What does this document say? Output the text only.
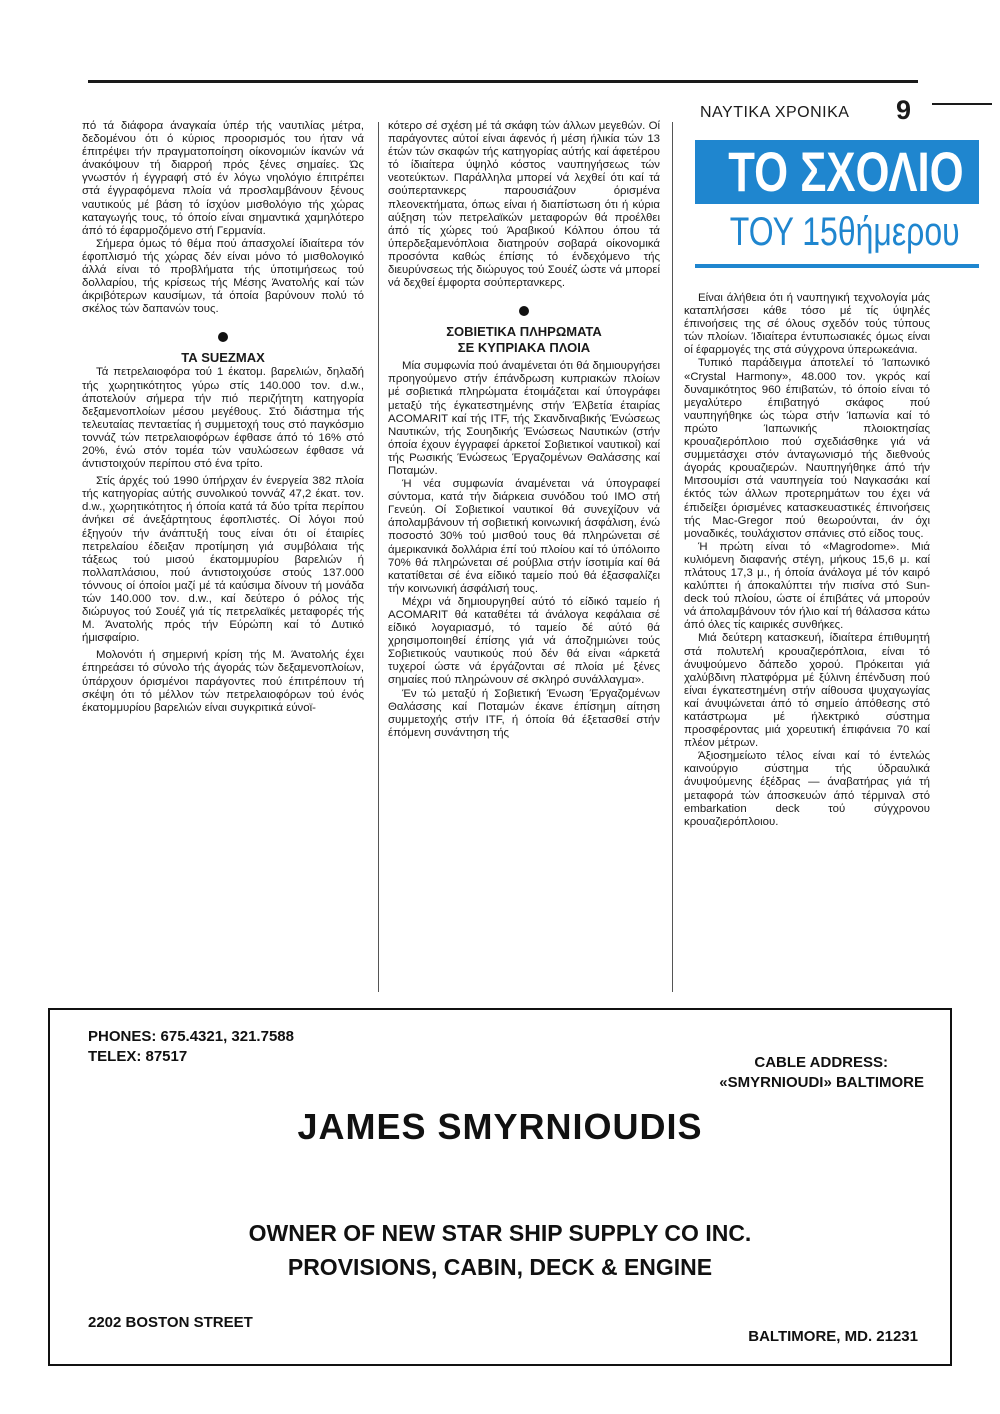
ΝΑΥΤΙΚΑ ΧΡΟΝΙΚΑ 9
ΤΟ ΣΧΟΛΙΟ
ΤΟΥ 15θήμερου

πό τά διάφορα άναγκαία ύπέρ τής ναυτιλίας μέτρα, δεδομένου ότι ό κύριος προορισμός του ήταν νά έπιτρέψει τήν πραγματοποίηση οίκονομιών ίκανών νά άνακόψουν τή διαρροή πρός ξένες σημαίες. Ώς γνωστόν ή έγγραφή στό έν λόγω νηολόγιο έπιτρέπει στά έγγραφόμενα πλοία νά προσλαμβάνουν ξένους ναυτικούς μέ βάση τό ίσχύον μισθολόγιο τής χώρας καταγωγής τους, τό όποίο είναι σημαντικά χαμηλότερο άπό τό έφαρμοζόμενο στή Γερμανία.

Σήμερα όμως τό θέμα πού άπασχολεί ίδιαίτερα τόν έφοπλισμό τής χώρας δέν είναι μόνο τό μισθολογικό άλλά είναι τό προβλήματα τής ύποτιμήσεως τού δολλαρίου, τής κρίσεως τής Μέσης Άνατολής καί τών άκριβότερων καυσίμων, τά όποία βαρύνουν πολύ τό σκέλος τών δαπανών τους.

ΤΑ SUEZMAX

Τά πετρελαιοφόρα τού 1 έκατομ. βαρελιών, δηλαδή τής χωρητικότητος γύρω στίς 140.000 τον. d.w., άποτελούν σήμερα τήν πιό περιζήτητη κατηγορία δεξαμενοπλοίων μέσου μεγέθους. Στό διάστημα τής τελευταίας πενταετίας ή συμμετοχή τους στό παγκόσμιο τοννάζ τών πετρελαιοφόρων έφθασε άπό τό 16% στό 20%, ένώ στόν τομέα τών ναυλώσεων έφθασε νά άντιστοιχούν περίπου στό ένα τρίτο.

Στίς άρχές τού 1990 ύπήρχαν έν ένεργεία 382 πλοία τής κατηγορίας αύτής συνολικού τοννάζ 47,2 έκατ. τον. d.w., χωρητικότητος ή όποία κατά τά δύο τρίτα περίπου άνήκει σέ άνεξάρτητους έφοπλιστές. Οί λόγοι πού έξηγούν τήν άνάπτυξή τους είναι ότι οί έταιρίες πετρελαίου έδειξαν προτίμηση γιά συμβόλαια τής τάξεως τού μισού έκατομμυρίου βαρελιών ή πολλαπλάσιου, πού άντιστοιχούσε στούς 137.000 τόννους οί όποίοι μαζί μέ τά καύσιμα δίνουν τή μονάδα τών 140.000 τον. d.w., καί δεύτερο ό ρόλος τής διώρυγος τού Σουέζ γιά τίς πετρελαϊκές μεταφορές τής Μ. Άνατολής πρός τήν Εύρώπη καί τό Δυτικό ήμισφαίριο.

Μολονότι ή σημερινή κρίση τής Μ. Άνατολής έχει έπηρεάσει τό σύνολο τής άγοράς τών δεξαμενοπλοίων, ύπάρχουν όρισμένοι παράγοντες πού έπιτρέπουν τή σκέψη ότι τό μέλλον τών πετρελαιοφόρων τού ένός έκατομμυρίου βαρελιών είναι συγκριτικά εύνοϊ-

κότερο σέ σχέση μέ τά σκάφη τών άλλων μεγεθών. Οί παράγοντες αύτοί είναι άφενός ή μέση ήλικία τών 13 έτών τών σκαφών τής κατηγορίας αύτής καί άφετέρου τό ίδιαίτερα ύψηλό κόστος ναυπηγήσεως τών νεοτεύκτων. Παράλληλα μπορεί νά λεχθεί ότι καί τά σούπερτανκερς παρουσιάζουν όρισμένα πλεονεκτήματα, όπως είναι ή διαπίστωση ότι ή κύρια αύξηση τών πετρελαϊκών μεταφορών θά προέλθει άπό τίς χώρες τού Άραβικού Κόλπου όπου τά ύπερδεξαμενόπλοια διατηρούν σοβαρά οίκονομικά προσόντα καθώς έπίσης τό ένδεχόμενο τής διευρύνσεως τής διώρυγος τού Σουέζ ώστε νά μπορεί νά δεχθεί έμφορτα σούπερτανκερς.

ΣΟΒΙΕΤΙΚΑ ΠΛΗΡΩΜΑΤΑ
ΣΕ ΚΥΠΡΙΑΚΑ ΠΛΟΙΑ

Μία συμφωνία πού άναμένεται ότι θά δημιουργήσει προηγούμενο στήν έπάνδρωση κυπριακών πλοίων μέ σοβιετικά πληρώματα έτοιμάζεται καί ύπογράφει μεταξύ τής έγκατεστημένης στήν Έλβετία έταιρίας ACOMARIT καί τής ITF, τής Σκανδιναβικής Ένώσεως Ναυτικών, τής Σουηδικής Ένώσεως Ναυτικών (στήν όποία έχουν έγγραφεί άρκετοί Σοβιετικοί ναυτικοί) καί τής Ρωσικής Ένώσεως Έργαζομένων Θαλάσσης καί Ποταμών.

Ή νέα συμφωνία άναμένεται νά ύπογραφεί σύντομα, κατά τήν διάρκεια συνόδου τού IMO στή Γενεύη. Οί Σοβιετικοί ναυτικοί θά συνεχίζουν νά άπολαμβάνουν τή σοβιετική κοινωνική άσφάλιση, ένώ ποσοστό 30% τού μισθού τους θά πληρώνεται σέ άμερικανικά δολλάρια έπί τού πλοίου καί τό ύπόλοιπο 70% θά πληρώνεται σέ ρούβλια στήν ίσοτιμία καί θά κατατίθεται σέ ένα είδικό ταμείο πού θά έξασφαλίζει τήν κοινωνική άσφάλισή τους.

Μέχρι νά δημιουργηθεί αύτό τό είδικό ταμείο ή ACOMARIT θά καταθέτει τά άνάλογα κεφάλαια σέ είδικό λογαριασμό, τό ταμείο δέ αύτό θά χρησιμοποιηθεί έπίσης γιά νά άποζημιώνει τούς Σοβιετικούς ναυτικούς πού δέν θά είναι «άρκετά τυχεροί ώστε νά έργάζονται σέ πλοία μέ ξένες σημαίες πού πληρώνουν σέ σκληρό συνάλλαγμα».

Έν τώ μεταξύ ή Σοβιετική Ένωση Έργαζομένων Θαλάσσης καί Ποταμών έκανε έπίσημη αίτηση συμμετοχής στήν ITF, ή όποία θά έξετασθεί στήν έπόμενη συνάντηση τής

Είναι άλήθεια ότι ή ναυπηγική τεχνολογία μάς καταπλήσσει κάθε τόσο μέ τίς ύψηλές έπινοήσεις της σέ όλους σχεδόν τούς τύπους τών πλοίων. Ίδιαίτερα έντυπωσιακές όμως είναι οί έφαρμογές της στά σύγχρονα ύπερωκεάνια.

Τυπικό παράδειγμα άποτελεί τό Ίαπωνικό «Crystal Harmony», 48.000 τον. γκρός καί δυναμικότητος 960 έπιβατών, τό όποίο είναι τό μεγαλύτερο έπιβατηγό σκάφος πού ναυπηγήθηκε ώς τώρα στήν Ίαπωνία καί τό πρώτο Ίαπωνικής πλοιοκτησίας κρουαζιερόπλοιο πού σχεδιάσθηκε γιά νά συμμετάσχει στόν άνταγωνισμό τής διεθνούς άγοράς κρουαζιερών. Ναυπηγήθηκε άπό τήν Μιτσουμίσι στά ναυπηγεία τού Ναγκασάκι καί έκτός τών άλλων προτερημάτων του έχει νά έπιδείξει όρισμένες κατασκευαστικές έπινοήσεις τής Mac-Gregor πού θεωρούνται, άν όχι μοναδικές, τουλάχιστον σπάνιες στό είδος τους.

Ή πρώτη είναι τό «Magrodome». Μιά κυλιόμενη διαφανής στέγη, μήκους 15,6 μ. καί πλάτους 17,3 μ., ή όποία άνάλογα μέ τόν καιρό καλύπτει ή άποκαλύπτει τήν πισίνα στό Sun-deck τού πλοίου, ώστε οί έπιβάτες νά μπορούν νά άπολαμβάνουν τόν ήλιο καί τή θάλασσα κάτω άπό όλες τίς καιρικές συνθήκες.

Μιά δεύτερη κατασκευή, ίδιαίτερα έπιθυμητή στά πολυτελή κρουαζιερόπλοια, είναι τό άνυψούμενο δάπεδο χορού. Πρόκειται γιά χαλύβδινη πλατφόρμα μέ ξύλινη έπένδυση πού είναι έγκατεστημένη στήν αίθουσα ψυχαγωγίας καί άνυψώνεται άπό τό σημείο άπόθεσης στό κατάστρωμα μέ ήλεκτρικό σύστημα προσφέροντας μιά χορευτική έπιφάνεια 70 καί πλέον μέτρων.

Άξιοσημείωτο τέλος είναι καί τό έντελώς καινούργιο σύστημα τής ύδραυλικά άνυψούμενης έξέδρας — άναβατήρας γιά τή μεταφορά τών άποσκευών άπό τέρμιναλ στό embarkation deck τού σύγχρονου κρουαζιερόπλοιου.

PHONES: 675.4321, 321.7588
TELEX: 87517	CABLE ADDRESS:
«SMYRNIOUDI» BALTIMORE
JAMES SMYRNIOUDIS
OWNER OF NEW STAR SHIP SUPPLY CO INC.
PROVISIONS, CABIN, DECK & ENGINE
2202 BOSTON STREET
BALTIMORE, MD. 21231
